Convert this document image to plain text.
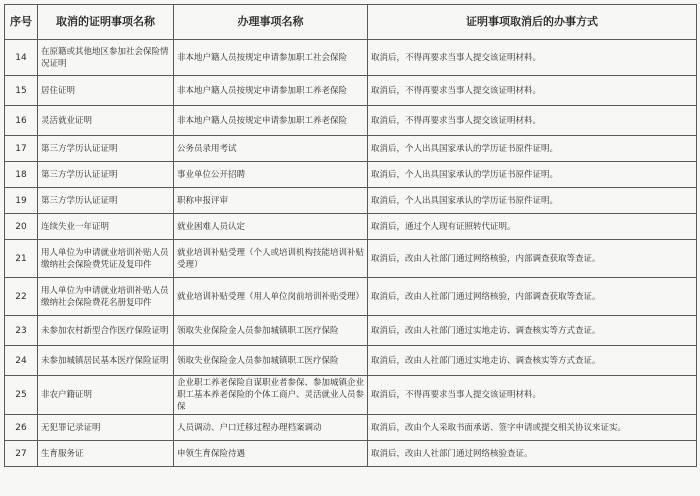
序号	取消的证明事项名称	办理事项名称	证明事项取消后的办事方式
14	在原籍或其他地区参加社会保险情况证明	非本地户籍人员按规定申请参加职工社会保险	取消后，不得再要求当事人提交该证明材料。
15	居住证明	非本地户籍人员按规定申请参加职工养老保险	取消后，不得再要求当事人提交该证明材料。
16	灵活就业证明	非本地户籍人员按规定申请参加职工养老保险	取消后，不得再要求当事人提交该证明材料。
17	第三方学历认证证明	公务员录用考试	取消后，个人出具国家承认的学历证书原件证明。
18	第三方学历认证证明	事业单位公开招聘	取消后，个人出具国家承认的学历证书原件证明。
19	第三方学历认证证明	职称申报评审	取消后，个人出具国家承认的学历证书原件证明。
20	连续失业一年证明	就业困难人员认定	取消后，通过个人现有证照转代证明。
21	用人单位为申请就业培训补贴人员缴纳社会保险费凭证及复印件	就业培训补贴受理（个人或培训机构技能培训补贴受理）	取消后，改由人社部门通过网络核验，内部调查获取等查证。
22	用人单位为申请就业培训补贴人员缴纳社会保险费花名册复印件	就业培训补贴受理（用人单位岗前培训补贴受理）	取消后，改由人社部门通过网络核验，内部调查获取等查证。
23	未参加农村新型合作医疗保险证明	领取失业保险金人员参加城镇职工医疗保险	取消后，改由人社部门通过实地走访、调查核实等方式查证。
24	未参加城镇居民基本医疗保险证明	领取失业保险金人员参加城镇职工医疗保险	取消后，改由人社部门通过实地走访、调查核实等方式查证。
25	非农户籍证明	企业职工养老保险自谋职业者参保、参加城镇企业职工基本养老保险的个体工商户、灵活就业人员参保	取消后，不得再要求当事人提交该证明材料。
26	无犯罪记录证明	人员调动、户口迁移过程办理档案调动	取消后，改由个人采取书面承诺、签字申请或提交相关协议来证实。
27	生育服务证	申领生育保险待遇	取消后，改由人社部门通过网络核验查证。
